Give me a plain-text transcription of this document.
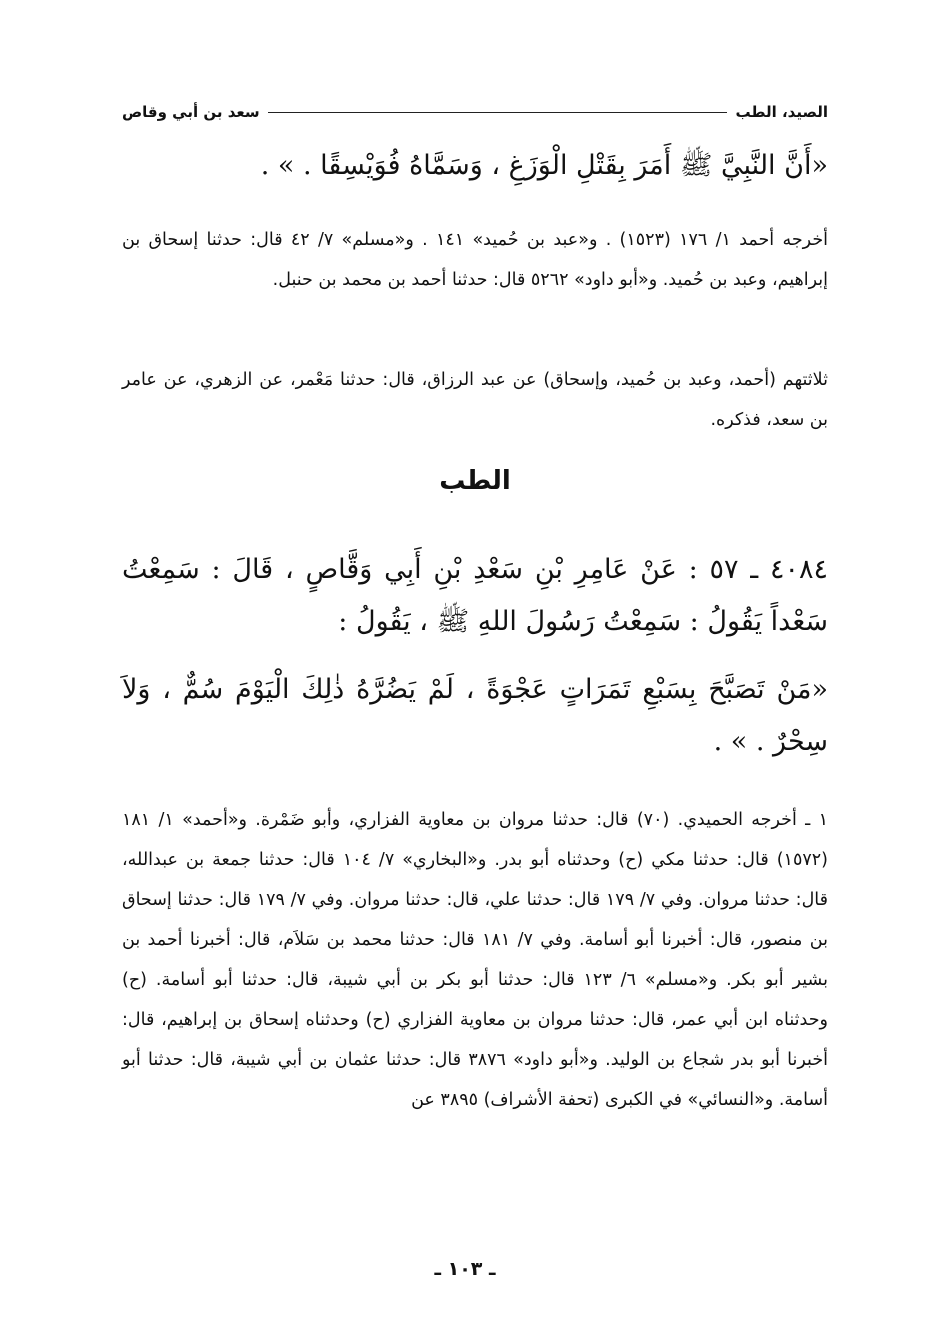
الصيد، الطب
سعد بن أبي وقاص

«أَنَّ النَّبِيَّ ﷺ أَمَرَ بِقَتْلِ الْوَزَغِ ، وَسَمَّاهُ فُوَيْسِقًا . » .

أخرجه أحمد ١/ ١٧٦ (١٥٢٣) . و«عبد بن حُميد» ١٤١ . و«مسلم» ٧/ ٤٢ قال: حدثنا إسحاق بن إبراهيم، وعبد بن حُميد. و«أبو داود» ٥٢٦٢ قال: حدثنا أحمد بن محمد بن حنبل.

ثلاثتهم (أحمد، وعبد بن حُميد، وإسحاق) عن عبد الرزاق، قال: حدثنا مَعْمر، عن الزهري، عن عامر بن سعد، فذكره.

الطب

٤٠٨٤ ـ ٥٧ : عَنْ عَامِرِ بْنِ سَعْدِ بْنِ أَبِي وَقَّاصٍ ، قَالَ : سَمِعْتُ سَعْداً يَقُولُ : سَمِعْتُ رَسُولَ اللهِ ﷺ ، يَقُولُ :

«مَنْ تَصَبَّحَ بِسَبْعِ تَمَرَاتٍ عَجْوَةً ، لَمْ يَضُرَّهُ ذٰلِكَ الْيَوْمَ سُمٌّ ، وَلاَ سِحْرٌ . » .

١ ـ أخرجه الحميدي. (٧٠) قال: حدثنا مروان بن معاوية الفزاري، وأبو ضَمْرة. و«أحمد» ١/ ١٨١ (١٥٧٢) قال: حدثنا مكي (ح) وحدثناه أبو بدر. و«البخاري» ٧/ ١٠٤ قال: حدثنا جمعة بن عبدالله، قال: حدثنا مروان. وفي ٧/ ١٧٩ قال: حدثنا علي، قال: حدثنا مروان. وفي ٧/ ١٧٩ قال: حدثنا إسحاق بن منصور، قال: أخبرنا أبو أسامة. وفي ٧/ ١٨١ قال: حدثنا محمد بن سَلاَم، قال: أخبرنا أحمد بن بشير أبو بكر. و«مسلم» ٦/ ١٢٣ قال: حدثنا أبو بكر بن أبي شيبة، قال: حدثنا أبو أسامة. (ح) وحدثناه ابن أبي عمر، قال: حدثنا مروان بن معاوية الفزاري (ح) وحدثناه إسحاق بن إبراهيم، قال: أخبرنا أبو بدر شجاع بن الوليد. و«أبو داود» ٣٨٧٦ قال: حدثنا عثمان بن أبي شيبة، قال: حدثنا أبو أسامة. و«النسائي» في الكبرى (تحفة الأشراف) ٣٨٩٥ عن

ـ ١٠٣ ـ
